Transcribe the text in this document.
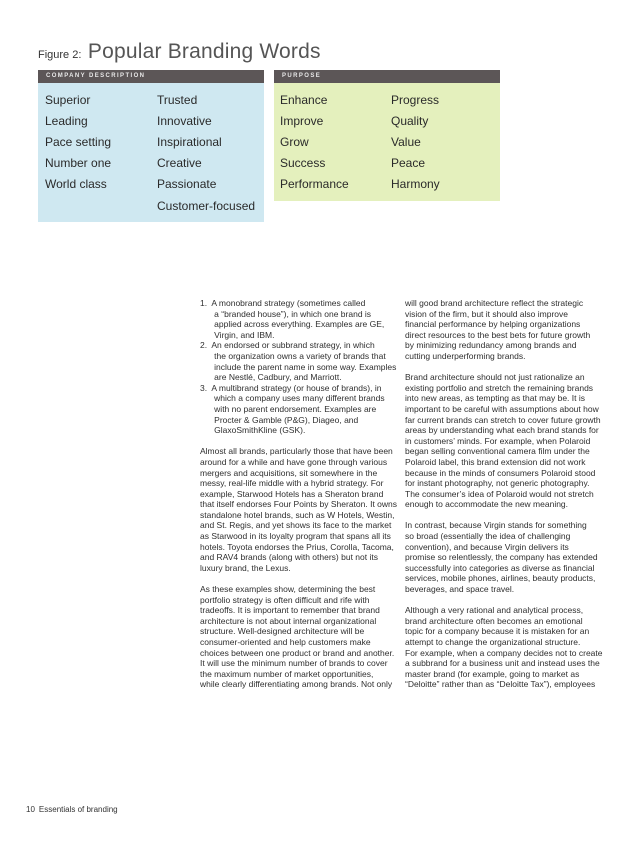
Figure 2: Popular Branding Words
COMPANY DESCRIPTION
Superior
Leading
Pace setting
Number one
World class
Trusted
Innovative
Inspirational
Creative
Passionate
Customer-focused
PURPOSE
Enhance
Improve
Grow
Success
Performance
Progress
Quality
Value
Peace
Harmony

1.  A monobrand strategy (sometimes called

a “branded house”), in which one brand is

applied across everything. Examples are GE,

Virgin, and IBM.

2.  An endorsed or subbrand strategy, in which

the organization owns a variety of brands that

include the parent name in some way. Examples

are Nestlé, Cadbury, and Marriott.

3.  A multibrand strategy (or house of brands), in

which a company uses many different brands

with no parent endorsement. Examples are

Procter & Gamble (P&G), Diageo, and

GlaxoSmithKline (GSK).

Almost all brands, particularly those that have been

around for a while and have gone through various

mergers and acquisitions, sit somewhere in the

messy, real-life middle with a hybrid strategy. For

example, Starwood Hotels has a Sheraton brand

that itself endorses Four Points by Sheraton. It owns

standalone hotel brands, such as W Hotels, Westin,

and St. Regis, and yet shows its face to the market

as Starwood in its loyalty program that spans all its

hotels. Toyota endorses the Prius, Corolla, Tacoma,

and RAV4 brands (along with others) but not its

luxury brand, the Lexus.

As these examples show, determining the best

portfolio strategy is often difficult and rife with

tradeoffs. It is important to remember that brand

architecture is not about internal organizational

structure. Well-designed architecture will be

consumer-oriented and help customers make

choices between one product or brand and another.

It will use the minimum number of brands to cover

the maximum number of market opportunities,

while clearly differentiating among brands. Not only

will good brand architecture reflect the strategic

vision of the firm, but it should also improve

financial performance by helping organizations

direct resources to the best bets for future growth

by minimizing redundancy among brands and

cutting underperforming brands.

Brand architecture should not just rationalize an

existing portfolio and stretch the remaining brands

into new areas, as tempting as that may be. It is

important to be careful with assumptions about how

far current brands can stretch to cover future growth

areas by understanding what each brand stands for

in customers’ minds. For example, when Polaroid

began selling conventional camera film under the

Polaroid label, this brand extension did not work

because in the minds of consumers Polaroid stood

for instant photography, not generic photography.

The consumer’s idea of Polaroid would not stretch

enough to accommodate the new meaning.

In contrast, because Virgin stands for something

so broad (essentially the idea of challenging

convention), and because Virgin delivers its

promise so relentlessly, the company has extended

successfully into categories as diverse as financial

services, mobile phones, airlines, beauty products,

beverages, and space travel.

Although a very rational and analytical process,

brand architecture often becomes an emotional

topic for a company because it is mistaken for an

attempt to change the organizational structure.

For example, when a company decides not to create

a subbrand for a business unit and instead uses the

master brand (for example, going to market as

“Deloitte” rather than as “Deloitte Tax”), employees

10 Essentials of branding
